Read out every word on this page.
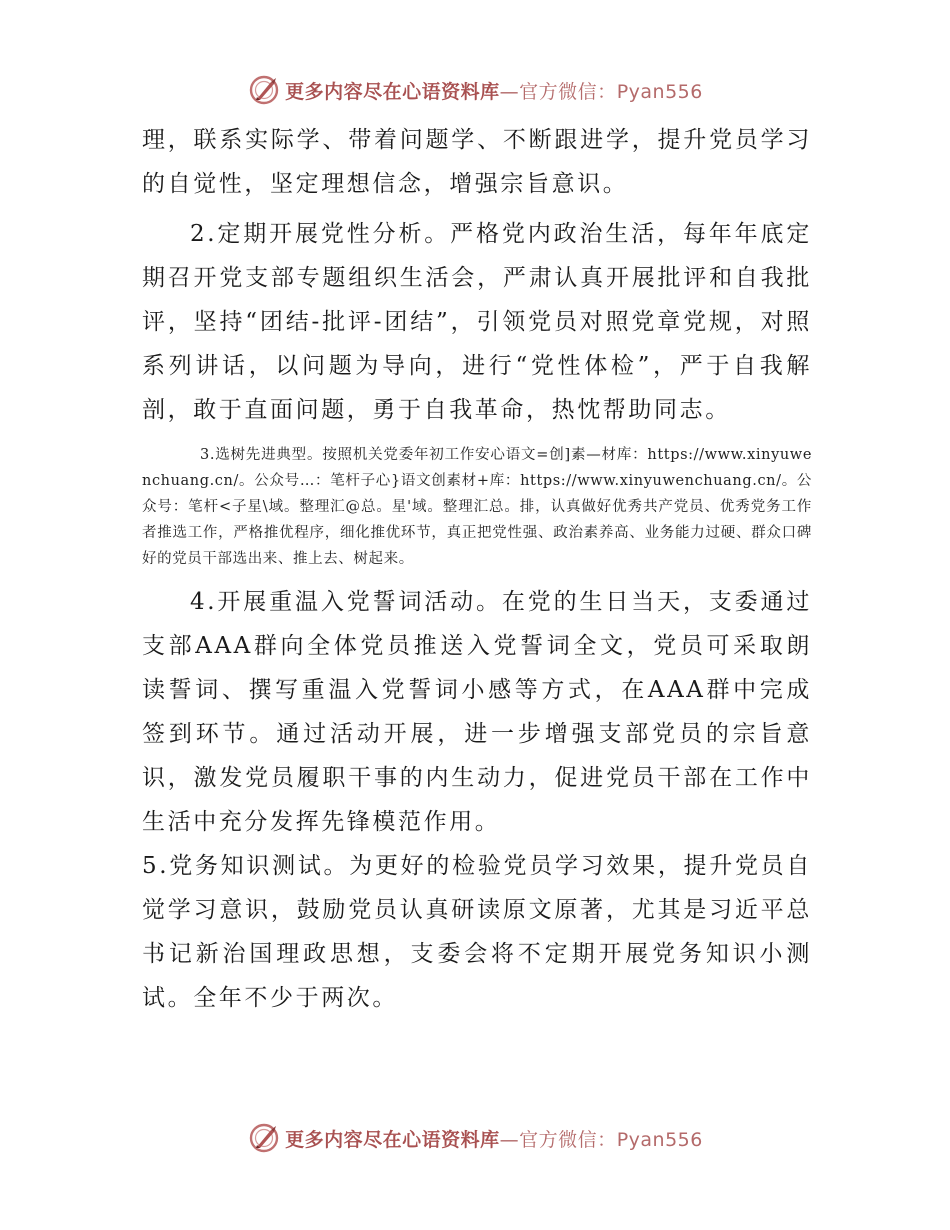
更多内容尽在心语资料库—官方微信：Pyan556

理，联系实际学、带着问题学、不断跟进学，提升党员学习的自觉性，坚定理想信念，增强宗旨意识。

2.定期开展党性分析。严格党内政治生活，每年年底定期召开党支部专题组织生活会，严肃认真开展批评和自我批评，坚持“团结-批评-团结”，引领党员对照党章党规，对照系列讲话，以问题为导向，进行“党性体检”，严于自我解剖，敢于直面问题，勇于自我革命，热忱帮助同志。

3.选树先进典型。按照机关党委年初工作安心语文=创]素—材库：https://www.xinyuwenchuang.cn/。公众号…：笔杆子心}语文创素材+库：https://www.xinyuwenchuang.cn/。公众号：笔杆<子星\域。整理汇@总。星'域。整理汇总。排，认真做好优秀共产党员、优秀党务工作者推选工作，严格推优程序，细化推优环节，真正把党性强、政治素养高、业务能力过硬、群众口碑好的党员干部选出来、推上去、树起来。

4.开展重温入党誓词活动。在党的生日当天，支委通过支部AAA群向全体党员推送入党誓词全文，党员可采取朗读誓词、撰写重温入党誓词小感等方式，在AAA群中完成签到环节。通过活动开展，进一步增强支部党员的宗旨意识，激发党员履职干事的内生动力，促进党员干部在工作中生活中充分发挥先锋模范作用。

5.党务知识测试。为更好的检验党员学习效果，提升党员自觉学习意识，鼓励党员认真研读原文原著，尤其是习近平总书记新治国理政思想，支委会将不定期开展党务知识小测试。全年不少于两次。

更多内容尽在心语资料库—官方微信：Pyan556
